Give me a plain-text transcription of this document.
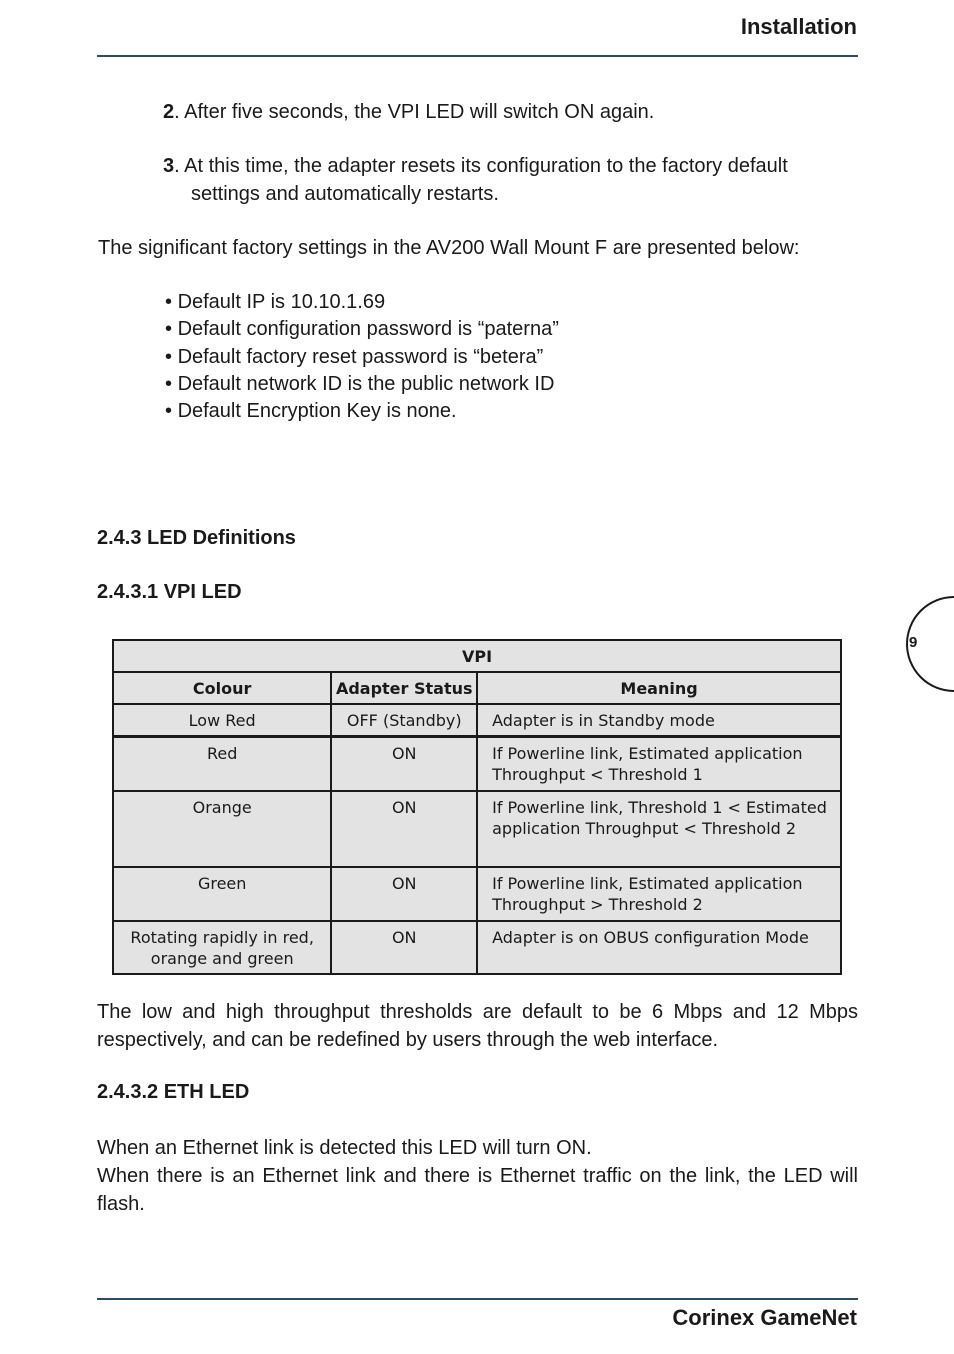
Installation
2. After five seconds, the VPI LED will switch ON again.
3. At this time, the adapter resets its configuration to the factory default
settings and automatically restarts.
The significant factory settings in the AV200 Wall Mount F are presented below:
• Default IP is 10.10.1.69
• Default configuration password is “paterna”
• Default factory reset password is “betera”
• Default network ID is the public network ID
• Default Encryption Key is none.
2.4.3 LED Definitions
2.4.3.1 VPI LED
9
VPI		
Colour	Adapter Status	Meaning
Low Red	OFF (Standby)	Adapter is in Standby mode
Red	ON	If Powerline link, Estimated application Throughput < Threshold 1
Orange	ON	If Powerline link, Threshold 1 < Estimated application Throughput < Threshold 2
Green	ON	If Powerline link, Estimated application Throughput > Threshold 2
Rotating rapidly in red, orange and green	ON	Adapter is on OBUS configuration Mode
The low and high throughput thresholds are default to be 6 Mbps and 12 Mbps respectively, and can be redefined by users through the web interface.
2.4.3.2 ETH LED
When an Ethernet link is detected this LED will turn ON.
When there is an Ethernet link and there is Ethernet traffic on the link, the LED will flash.
Corinex GameNet
